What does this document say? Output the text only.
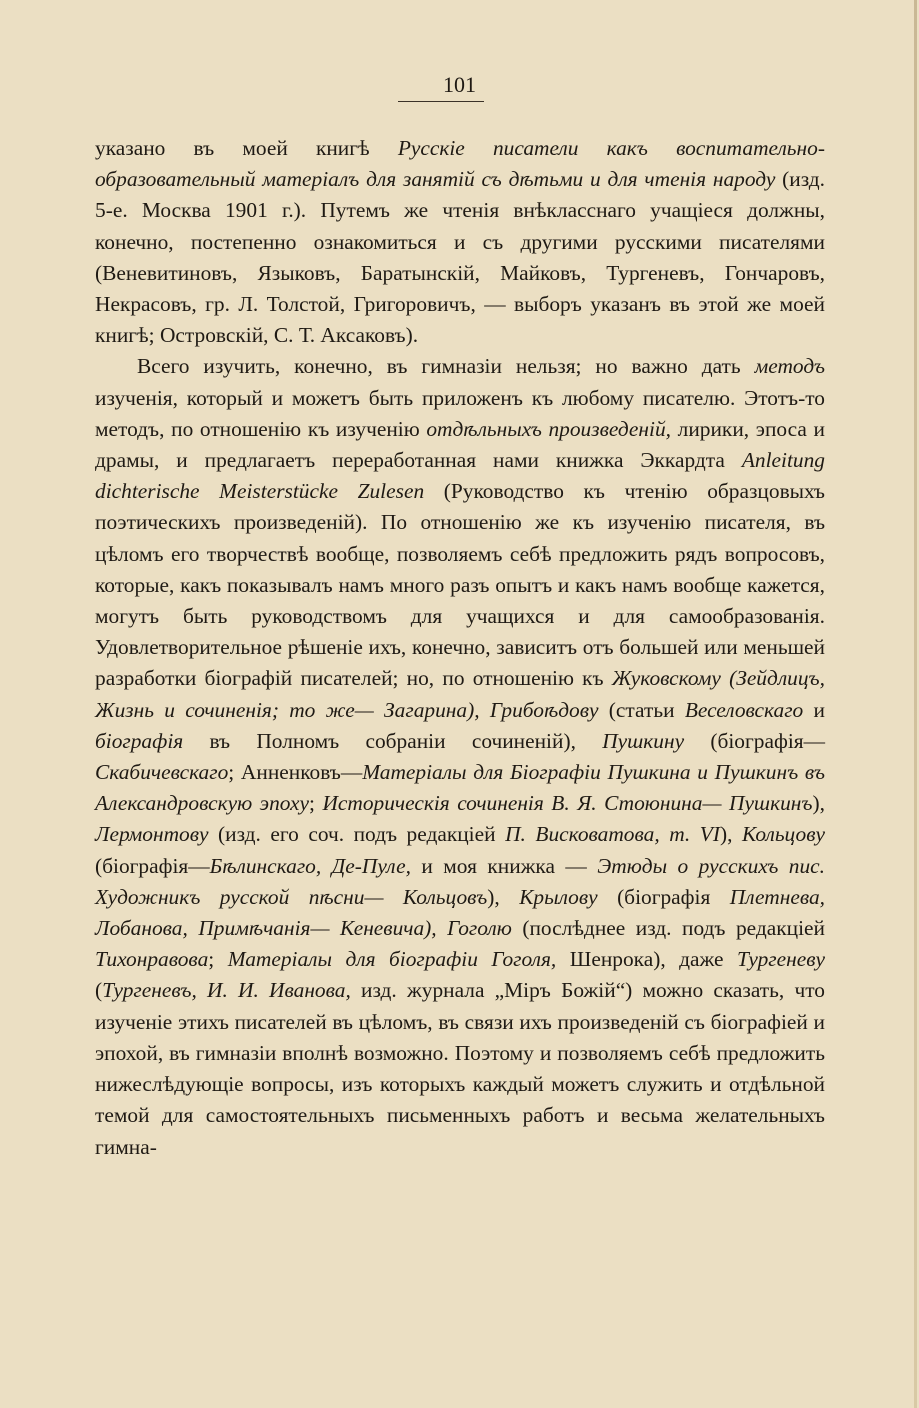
101

указано въ моей книгѣ Русскіе писатели какъ воспитательно-образовательный матеріалъ для занятій съ дѣтьми и для чтенія народу (изд. 5-е. Москва 1901 г.). Путемъ же чтенія внѣкласснаго учащіеся должны, конечно, постепенно ознакомиться и съ другими русскими писателями (Веневитиновъ, Языковъ, Баратынскій, Майковъ, Тургеневъ, Гончаровъ, Некрасовъ, гр. Л. Толстой, Григоровичъ, — выборъ указанъ въ этой же моей книгѣ; Островскій, С. Т. Аксаковъ).

Всего изучить, конечно, въ гимназіи нельзя; но важно дать методъ изученія, который и можетъ быть приложенъ къ любому писателю. Этотъ-то методъ, по отношенію къ изученію отдѣльныхъ произведеній, лирики, эпоса и драмы, и предлагаетъ переработанная нами книжка Эккардта Anleitung dichterische Meisterstücke Zulesen (Руководство къ чтенію образцовыхъ поэтическихъ произведеній). По отношенію же къ изученію писателя, въ цѣломъ его творчествѣ вообще, позволяемъ себѣ предложить рядъ вопросовъ, которые, какъ показывалъ намъ много разъ опытъ и какъ намъ вообще кажется, могутъ быть руководствомъ для учащихся и для самообразованія. Удовлетворительное рѣшеніе ихъ, конечно, зависитъ отъ большей или меньшей разработки біографій писателей; но, по отношенію къ Жуковскому (Зейдлицъ, Жизнь и сочиненія; то же— Загарина), Грибоѣдову (статьи Веселовскаго и біографія въ Полномъ собраніи сочиненій), Пушкину (біографія—Скабичевскаго; Анненковъ—Матеріалы для Біографіи Пушкина и Пушкинъ въ Александровскую эпоху; Историческія сочиненія В. Я. Стоюнина— Пушкинъ), Лермонтову (изд. его соч. подъ редакціей П. Висковатова, т. VI), Кольцову (біографія—Бѣлинскаго, Де-Пуле, и моя книжка — Этюды о русскихъ пис. Художникъ русской пѣсни— Кольцовъ), Крылову (біографія Плетнева, Лобанова, Примѣчанія— Кеневича), Гоголю (послѣднее изд. подъ редакціей Тихонравова; Матеріалы для біографіи Гоголя, Шенрока), даже Тургеневу (Тургеневъ, И. И. Иванова, изд. журнала „Міръ Божій“) можно сказать, что изученіе этихъ писателей въ цѣломъ, въ связи ихъ произведеній съ біографіей и эпохой, въ гимназіи вполнѣ возможно. Поэтому и позволяемъ себѣ предложить нижеслѣдующіе вопросы, изъ которыхъ каждый можетъ служить и отдѣльной темой для самостоятельныхъ письменныхъ работъ и весьма желательныхъ гимна-
